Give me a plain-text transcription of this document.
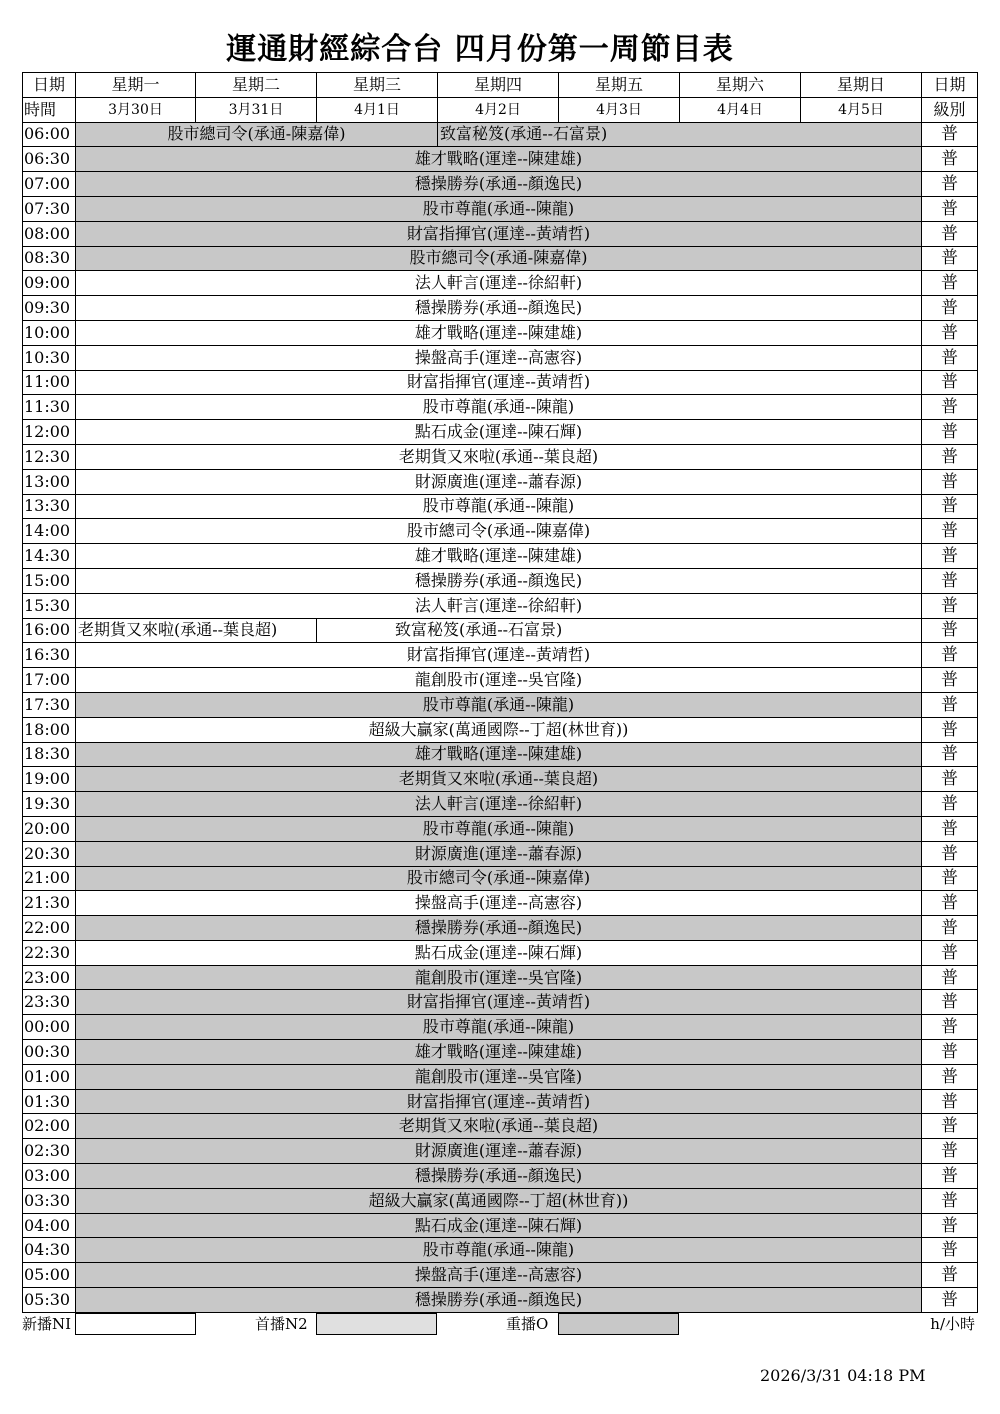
運通財經綜合台 四月份第一周節目表
日期	星期一	星期二	星期三	星期四	星期五	星期六	星期日	日期
時間	3月30日	3月31日	4月1日	4月2日	4月3日	4月4日	4月5日	級別
06:00	股市總司令(承通-陳嘉偉)			致富秘笈(承通--石富景)				普
06:30	雄才戰略(運達--陳建雄)							普
07:00	穩操勝券(承通--顏逸民)							普
07:30	股市尊龍(承通--陳龍)							普
08:00	財富指揮官(運達--黃靖哲)							普
08:30	股市總司令(承通-陳嘉偉)							普
09:00	法人軒言(運達--徐紹軒)							普
09:30	穩操勝券(承通--顏逸民)							普
10:00	雄才戰略(運達--陳建雄)							普
10:30	操盤高手(運達--高憲容)							普
11:00	財富指揮官(運達--黃靖哲)							普
11:30	股市尊龍(承通--陳龍)							普
12:00	點石成金(運達--陳石輝)							普
12:30	老期貨又來啦(承通--葉良超)							普
13:00	財源廣進(運達--蕭春源)							普
13:30	股市尊龍(承通--陳龍)							普
14:00	股市總司令(承通--陳嘉偉)							普
14:30	雄才戰略(運達--陳建雄)							普
15:00	穩操勝券(承通--顏逸民)							普
15:30	法人軒言(運達--徐紹軒)							普
16:00	老期貨又來啦(承通--葉良超)		致富秘笈(承通--石富景)					普
16:30	財富指揮官(運達--黃靖哲)							普
17:00	龍創股市(運達--吳官隆)							普
17:30	股市尊龍(承通--陳龍)							普
18:00	超級大贏家(萬通國際--丁超(林世育))							普
18:30	雄才戰略(運達--陳建雄)							普
19:00	老期貨又來啦(承通--葉良超)							普
19:30	法人軒言(運達--徐紹軒)							普
20:00	股市尊龍(承通--陳龍)							普
20:30	財源廣進(運達--蕭春源)							普
21:00	股市總司令(承通--陳嘉偉)							普
21:30	操盤高手(運達--高憲容)							普
22:00	穩操勝券(承通--顏逸民)							普
22:30	點石成金(運達--陳石輝)							普
23:00	龍創股市(運達--吳官隆)							普
23:30	財富指揮官(運達--黃靖哲)							普
00:00	股市尊龍(承通--陳龍)							普
00:30	雄才戰略(運達--陳建雄)							普
01:00	龍創股市(運達--吳官隆)							普
01:30	財富指揮官(運達--黃靖哲)							普
02:00	老期貨又來啦(承通--葉良超)							普
02:30	財源廣進(運達--蕭春源)							普
03:00	穩操勝券(承通--顏逸民)							普
03:30	超級大贏家(萬通國際--丁超(林世育))							普
04:00	點石成金(運達--陳石輝)							普
04:30	股市尊龍(承通--陳龍)							普
05:00	操盤高手(運達--高憲容)							普
05:30	穩操勝券(承通--顏逸民)							普
新播NI	首播N2	重播O	h/小時
2026/3/31 04:18 PM
